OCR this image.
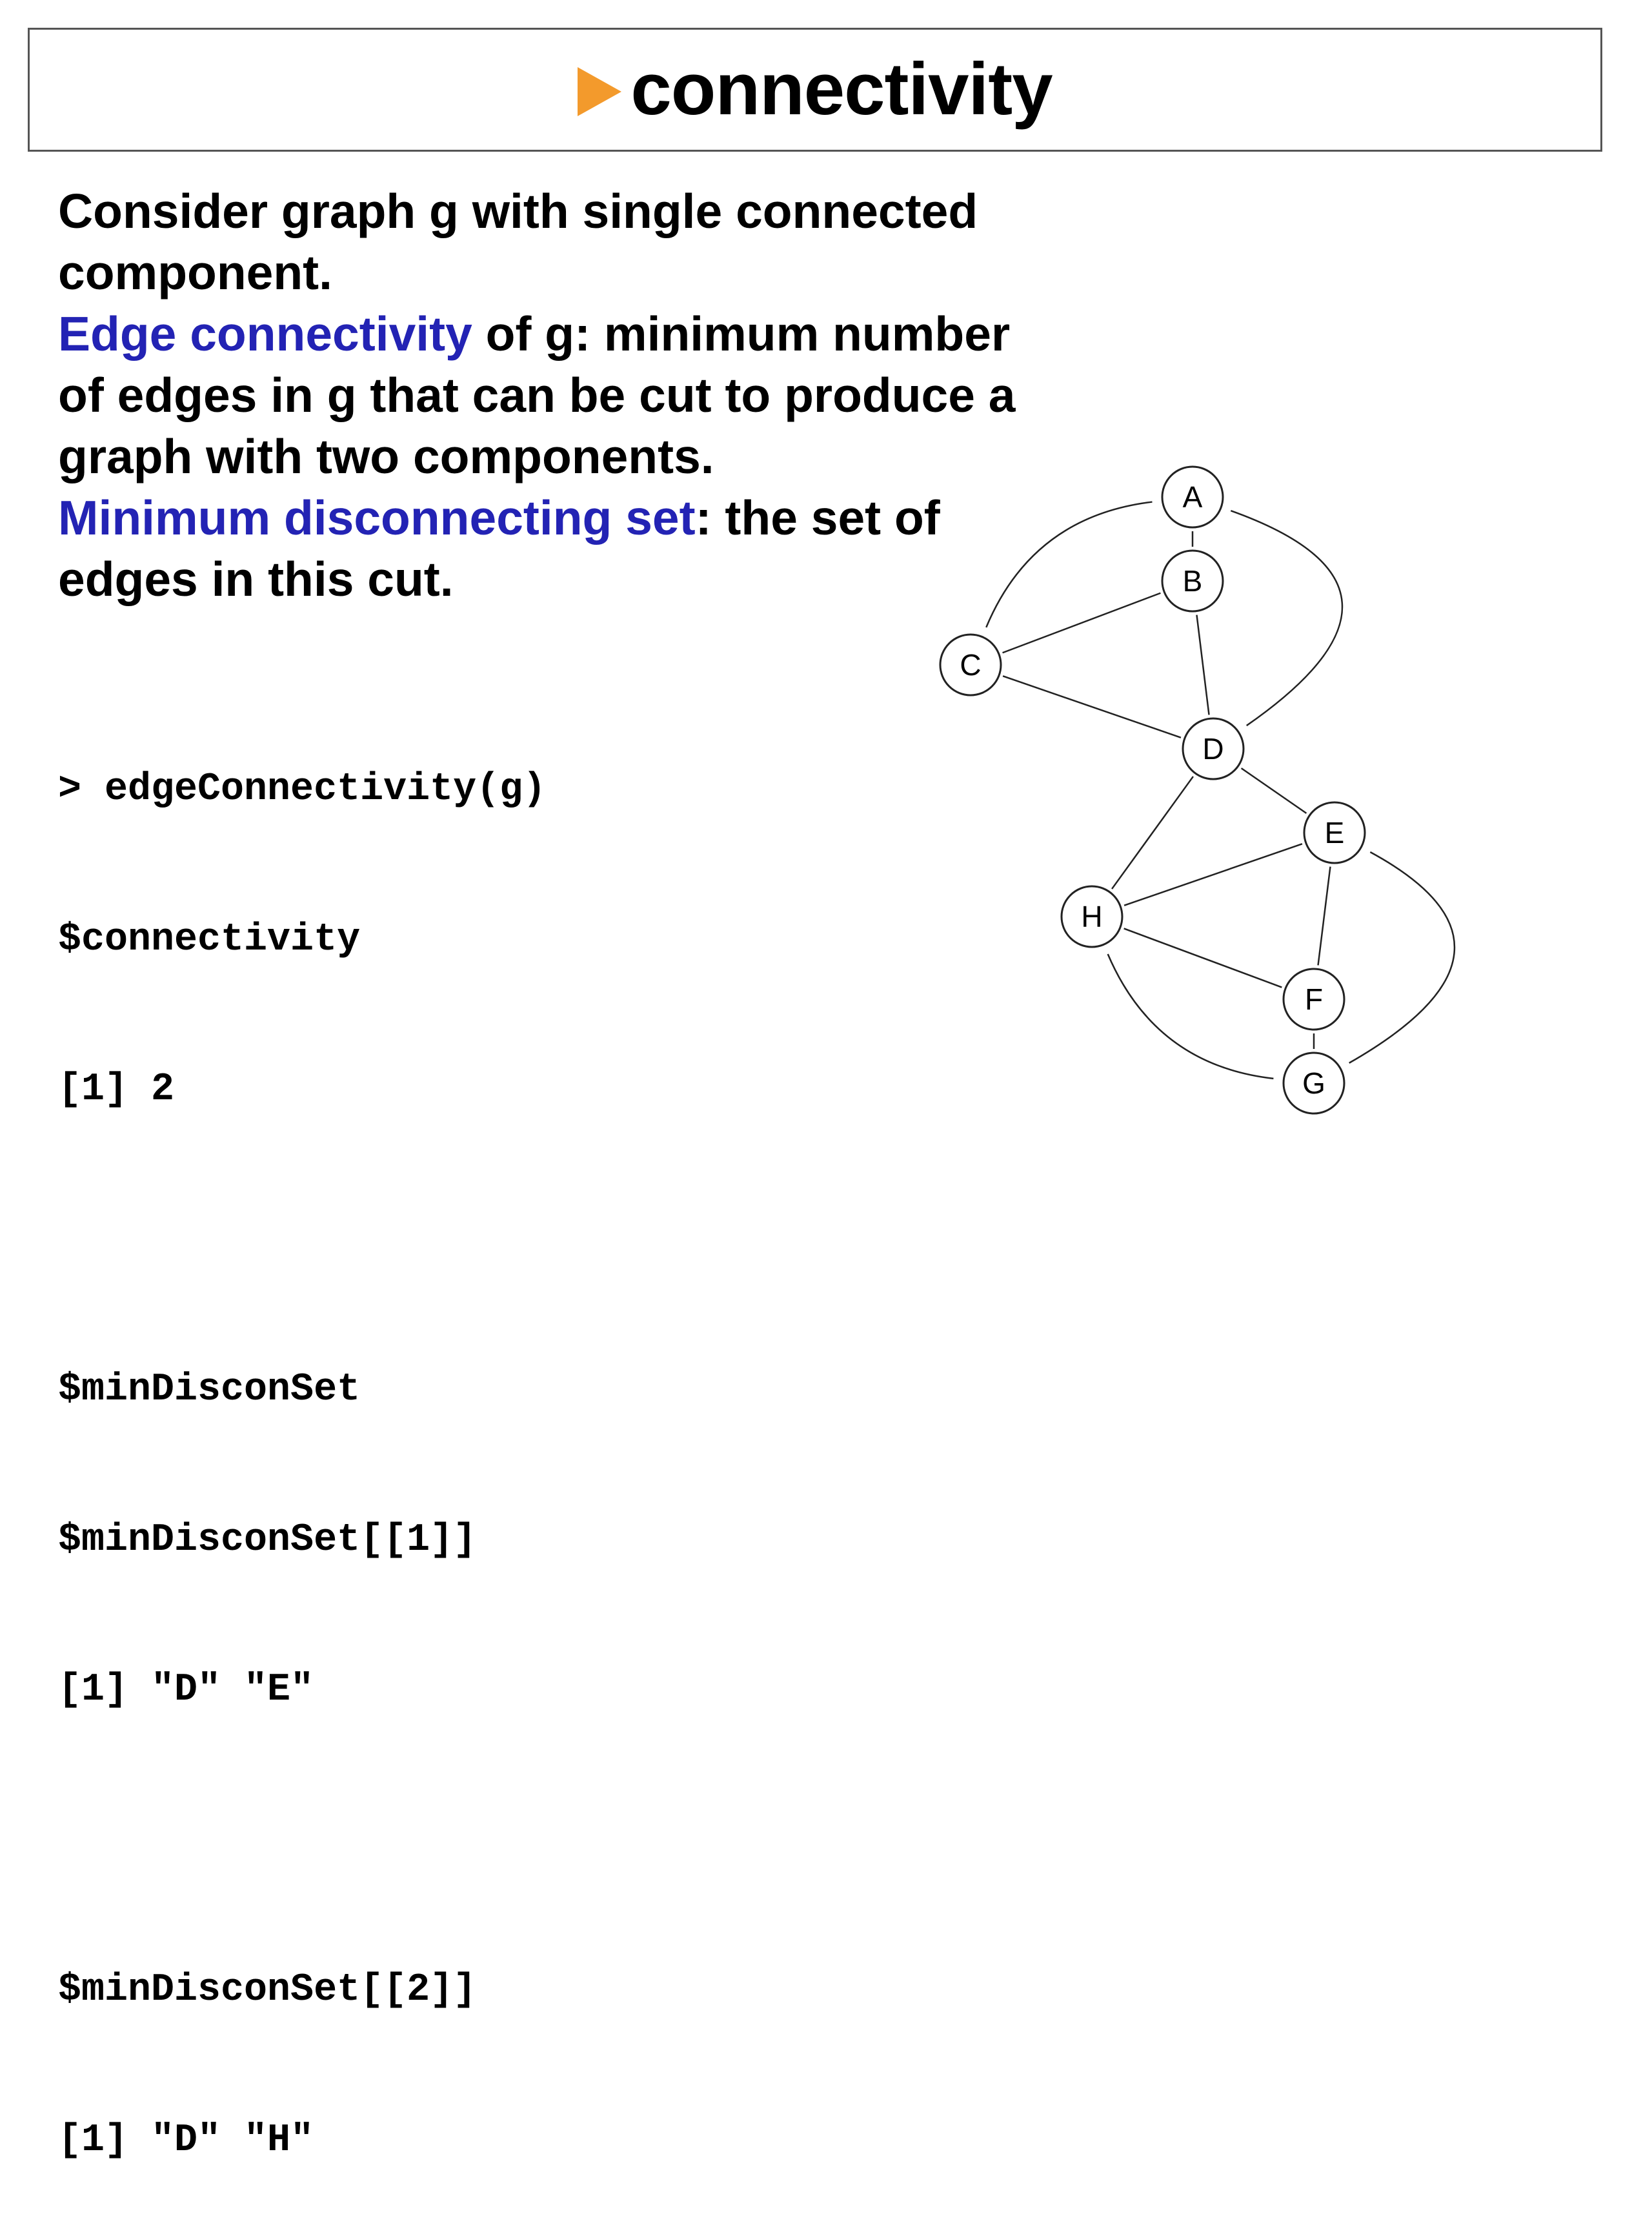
connectivity

Consider graph g with single connected component.

Edge connectivity of g: minimum number of edges in g that can be cut to produce a graph with two components.

Minimum disconnecting set: the set of edges in this cut.

> edgeConnectivity(g)

$connectivity

[1] 2

$minDisconSet

$minDisconSet[[1]]

[1] "D" "E"

$minDisconSet[[2]]

[1] "D" "H"

A
B
C
D
E
F
G
H
